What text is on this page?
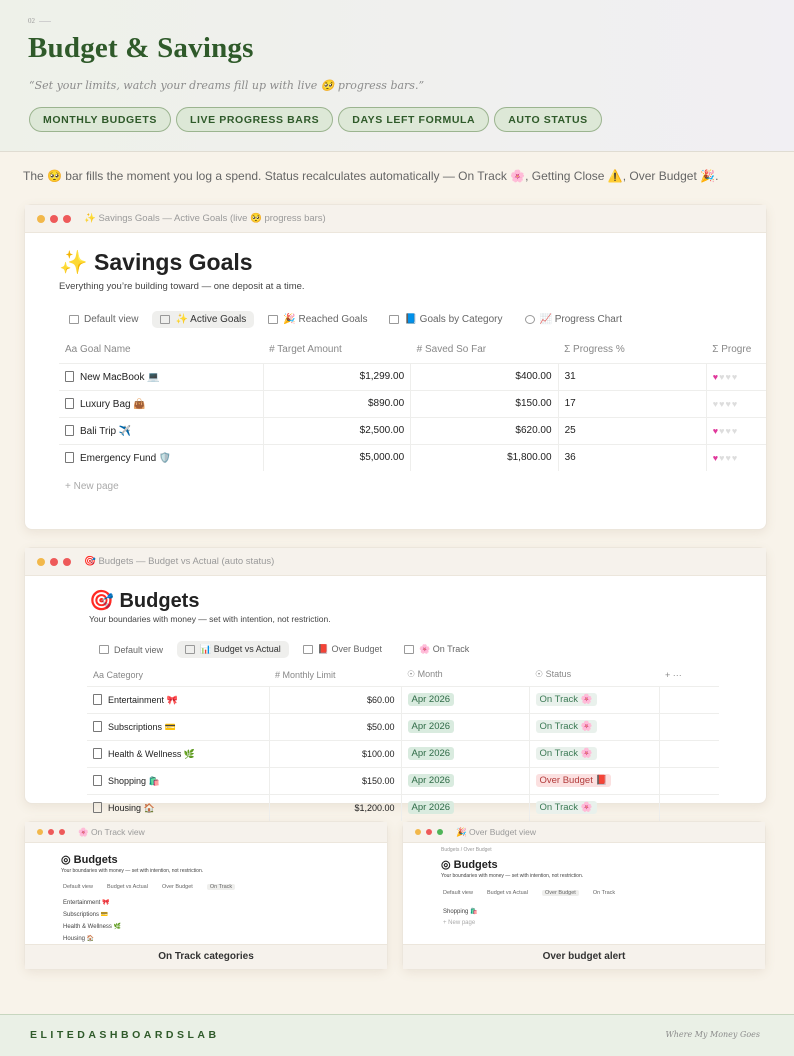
02
Budget & Savings
“Set your limits, watch your dreams fill up with live 🥺 progress bars.”
MONTHLY BUDGETS	LIVE PROGRESS BARS	DAYS LEFT FORMULA	AUTO STATUS
The 🥺 bar fills the moment you log a spend. Status recalculates automatically — On Track 🌸, Getting Close ⚠️, Over Budget 🎉.
✨ Savings Goals — Active Goals (live 🥺 progress bars)
✨ Savings Goals
Everything you’re building toward — one deposit at a time.
Default view	✨ Active Goals	🎉 Reached Goals	📘 Goals by Category	📈 Progress Chart
Aa Goal Name	# Target Amount	# Saved So Far	Σ Progress %	Σ Progre
New MacBook 💻	$1,299.00	$400.00	31	♥♥♥♥
Luxury Bag 👜	$890.00	$150.00	17	♥♥♥♥
Bali Trip ✈️	$2,500.00	$620.00	25	♥♥♥♥
Emergency Fund 🛡️	$5,000.00	$1,800.00	36	♥♥♥♥
+ New page
🎯 Budgets — Budget vs Actual (auto status)
🎯 Budgets
Your boundaries with money — set with intention, not restriction.
Default view	📊 Budget vs Actual	📕 Over Budget	🌸 On Track
Aa Category	# Monthly Limit	☉ Month	☉ Status	+ ···
Entertainment 🎀	$60.00	Apr 2026	On Track 🌸	
Subscriptions 💳	$50.00	Apr 2026	On Track 🌸	
Health & Wellness 🌿	$100.00	Apr 2026	On Track 🌸	
Shopping 🛍️	$150.00	Apr 2026	Over Budget 📕	
Housing 🏠	$1,200.00	Apr 2026	On Track 🌸	
🌸 On Track view
◎ Budgets
Your boundaries with money — set with intention, not restriction.
Default view	Budget vs Actual	Over Budget	On Track
Entertainment 🎀
Subscriptions 💳
Health & Wellness 🌿
Housing 🏠
On Track categories
🎉 Over Budget view
Budgets / Over Budget
◎ Budgets
Your boundaries with money — set with intention, not restriction.
Default view	Budget vs Actual	Over Budget	On Track
Shopping 🛍️
+ New page
Over budget alert
ELITEDASHBOARDSLAB	Where My Money Goes
